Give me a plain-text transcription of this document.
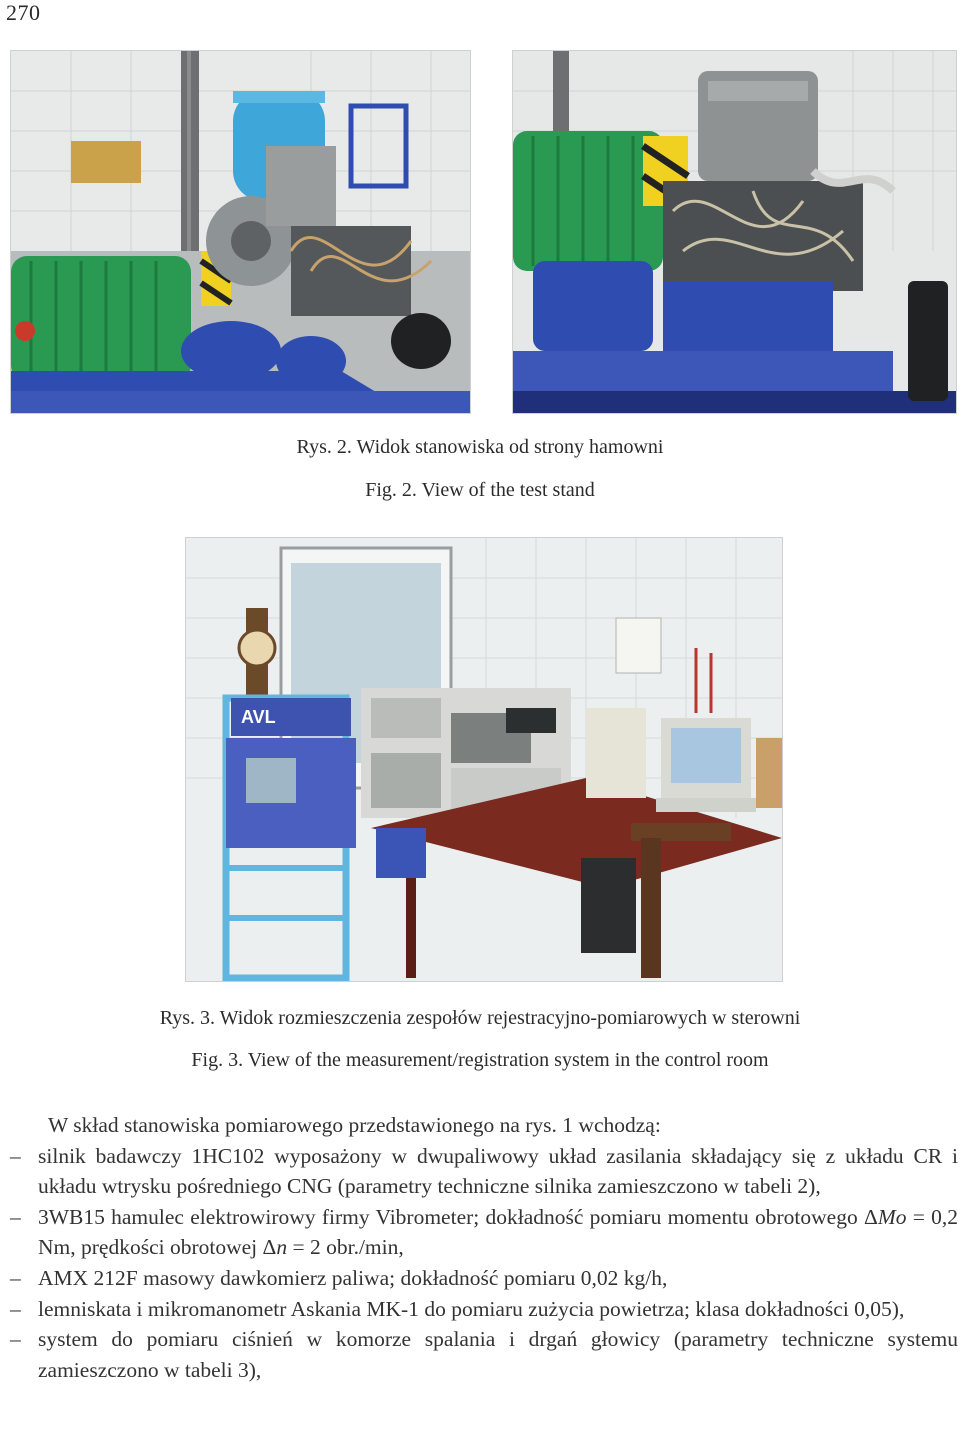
270
Rys. 2. Widok stanowiska od strony hamowni
Fig. 2. View of the test stand
AVL
Rys. 3. Widok rozmieszczenia zespołów rejestracyjno-pomiarowych w sterowni
Fig. 3. View of the measurement/registration system in the control room
W skład stanowiska pomiarowego przedstawionego na rys. 1 wchodzą:
– silnik badawczy 1HC102 wyposażony w dwupaliwowy układ zasilania składający się z układu CR i układu wtrysku pośredniego CNG (parametry techniczne silnika zamieszczono w tabeli 2),
– 3WB15 hamulec elektrowirowy firmy Vibrometer; dokładność pomiaru momentu obrotowego ΔMo = 0,2 Nm, prędkości obrotowej Δn = 2 obr./min,
– AMX 212F masowy dawkomierz paliwa; dokładność pomiaru 0,02 kg/h,
– lemniskata i mikromanometr Askania MK-1 do pomiaru zużycia powietrza; klasa dokładności 0,05),
– system do pomiaru ciśnień w komorze spalania i drgań głowicy (parametry techniczne systemu zamieszczono w tabeli 3),
